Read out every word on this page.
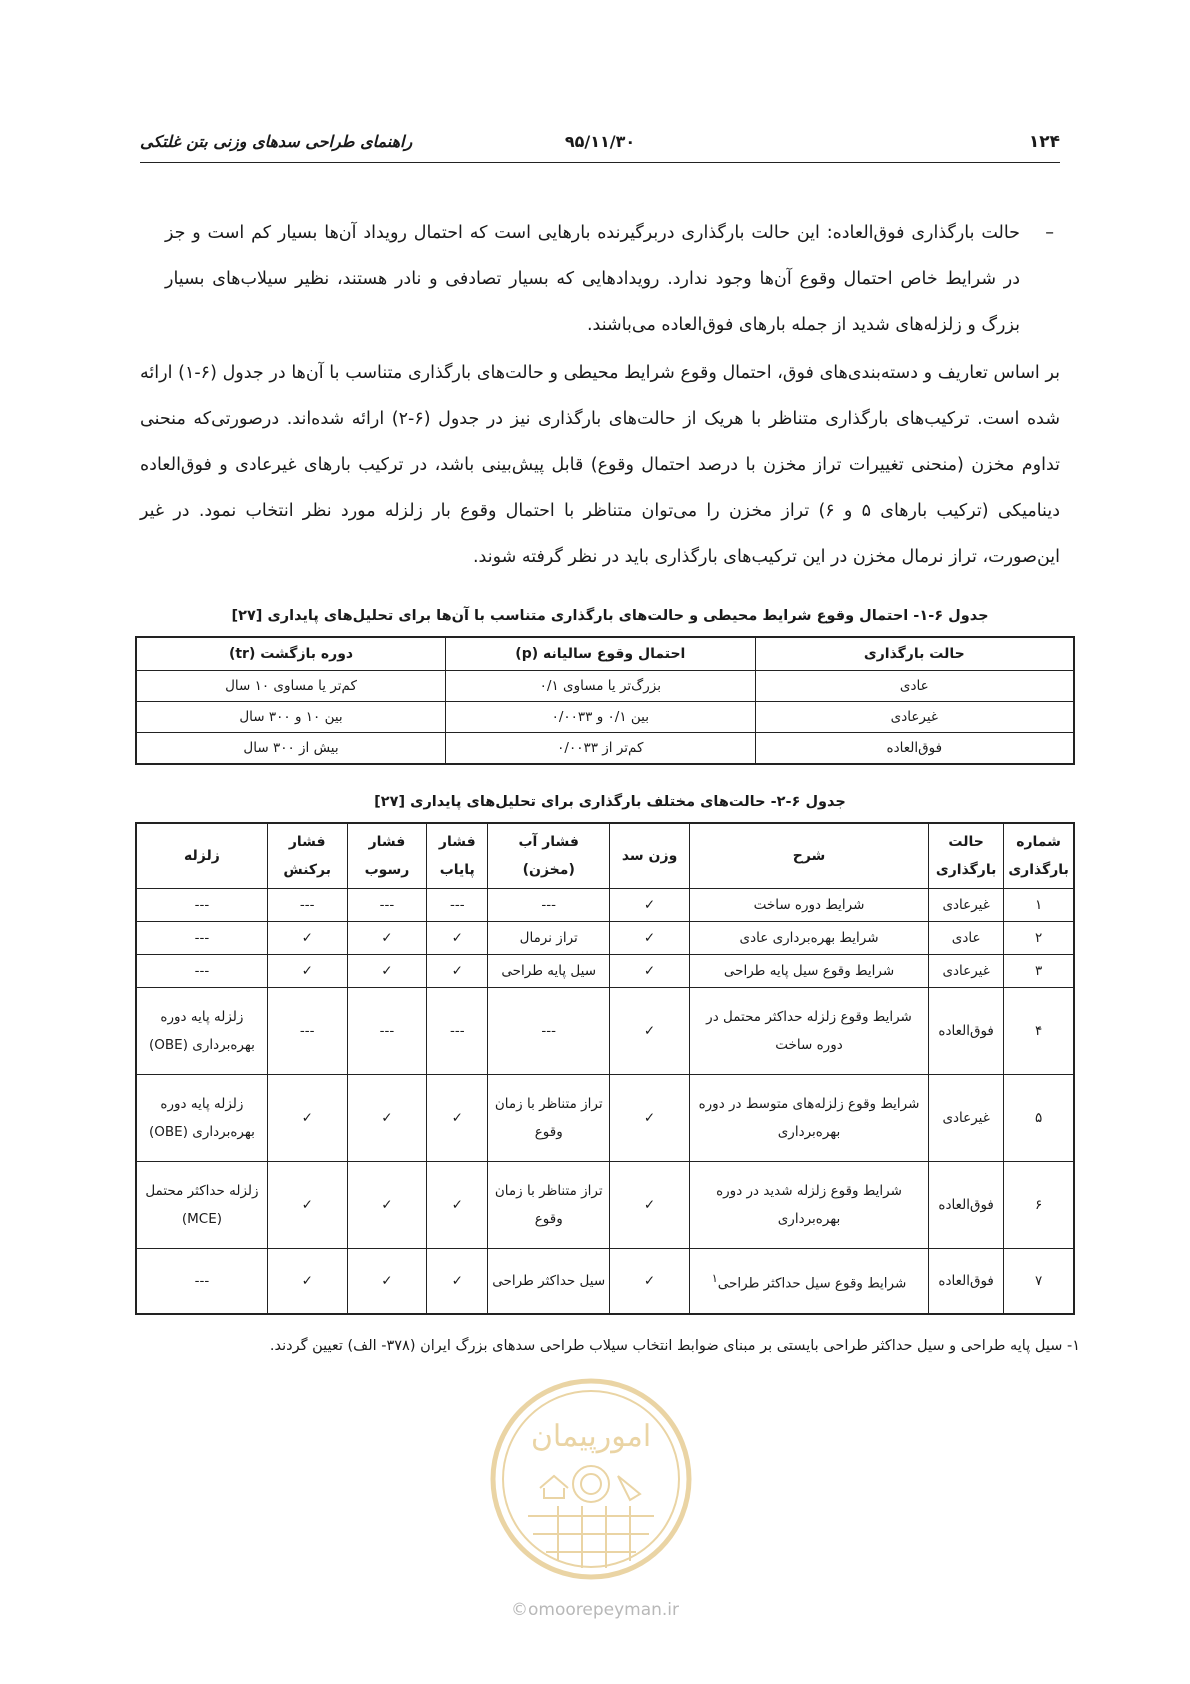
۱۲۴
۹۵/۱۱/۳۰
راهنمای طراحی سدهای وزنی بتن غلتکی
–
حالت بارگذاری فوق‌العاده: این حالت بارگذاری دربرگیرنده بارهایی است که احتمال رویداد آن‌ها بسیار کم است و جز در شرایط خاص احتمال وقوع آن‌ها وجود ندارد. رویدادهایی که بسیار تصادفی و نادر هستند، نظیر سیلاب‌های بسیار بزرگ و زلزله‌های شدید از جمله بارهای فوق‌العاده می‌باشند.
بر اساس تعاریف و دسته‌بندی‌های فوق، احتمال وقوع شرایط محیطی و حالت‌های بارگذاری متناسب با آن‌ها در جدول (۶-۱) ارائه شده است. ترکیب‌های بارگذاری متناظر با هریک از حالت‌های بارگذاری نیز در جدول (۶-۲) ارائه شده‌اند. درصورتی‌که منحنی تداوم مخزن (منحنی تغییرات تراز مخزن با درصد احتمال وقوع) قابل پیش‌بینی باشد، در ترکیب بارهای غیرعادی و فوق‌العاده دینامیکی (ترکیب بارهای ۵ و ۶) تراز مخزن را می‌توان متناظر با احتمال وقوع بار زلزله مورد نظر انتخاب نمود. در غیر این‌صورت، تراز نرمال مخزن در این ترکیب‌های بارگذاری باید در نظر گرفته شوند.
جدول ۶-۱- احتمال وقوع شرایط محیطی و حالت‌های بارگذاری متناسب با آن‌ها برای تحلیل‌های پایداری [۲۷]
حالت بارگذاری	احتمال وقوع سالیانه (p)	دوره بازگشت (tr)
عادی	بزرگ‌تر یا مساوی ۰/۱	کم‌تر یا مساوی ۱۰ سال
غیرعادی	بین ۰/۱ و ۰/۰۰۳۳	بین ۱۰ و ۳۰۰ سال
فوق‌العاده	کم‌تر از ۰/۰۰۳۳	بیش از ۳۰۰ سال
جدول ۶-۲- حالت‌های مختلف بارگذاری برای تحلیل‌های پایداری [۲۷]
شماره بارگذاری	حالت بارگذاری	شرح	وزن سد	فشار آب (مخزن)	فشار پایاب	فشار رسوب	فشار برکنش	زلزله
۱	غیرعادی	شرایط دوره ساخت	✓	---	---	---	---	---
۲	عادی	شرایط بهره‌برداری عادی	✓	تراز نرمال	✓	✓	✓	---
۳	غیرعادی	شرایط وقوع سیل پایه طراحی	✓	سیل پایه طراحی	✓	✓	✓	---
۴	فوق‌العاده	شرایط وقوع زلزله حداکثر محتمل در دوره ساخت	✓	---	---	---	---	زلزله پایه دوره بهره‌برداری (OBE)
۵	غیرعادی	شرایط وقوع زلزله‌های متوسط در دوره بهره‌برداری	✓	تراز متناظر با زمان وقوع	✓	✓	✓	زلزله پایه دوره بهره‌برداری (OBE)
۶	فوق‌العاده	شرایط وقوع زلزله شدید در دوره بهره‌برداری	✓	تراز متناظر با زمان وقوع	✓	✓	✓	زلزله حداکثر محتمل (MCE)
۷	فوق‌العاده	شرایط وقوع سیل حداکثر طراحی$^۱$	✓	سیل حداکثر طراحی	✓	✓	✓	---
۱- سیل پایه طراحی و سیل حداکثر طراحی بایستی بر مبنای ضوابط انتخاب سیلاب طراحی سدهای بزرگ ایران (۳۷۸- الف) تعیین گردند.
امورپیمان
©omoorepeyman.ir
